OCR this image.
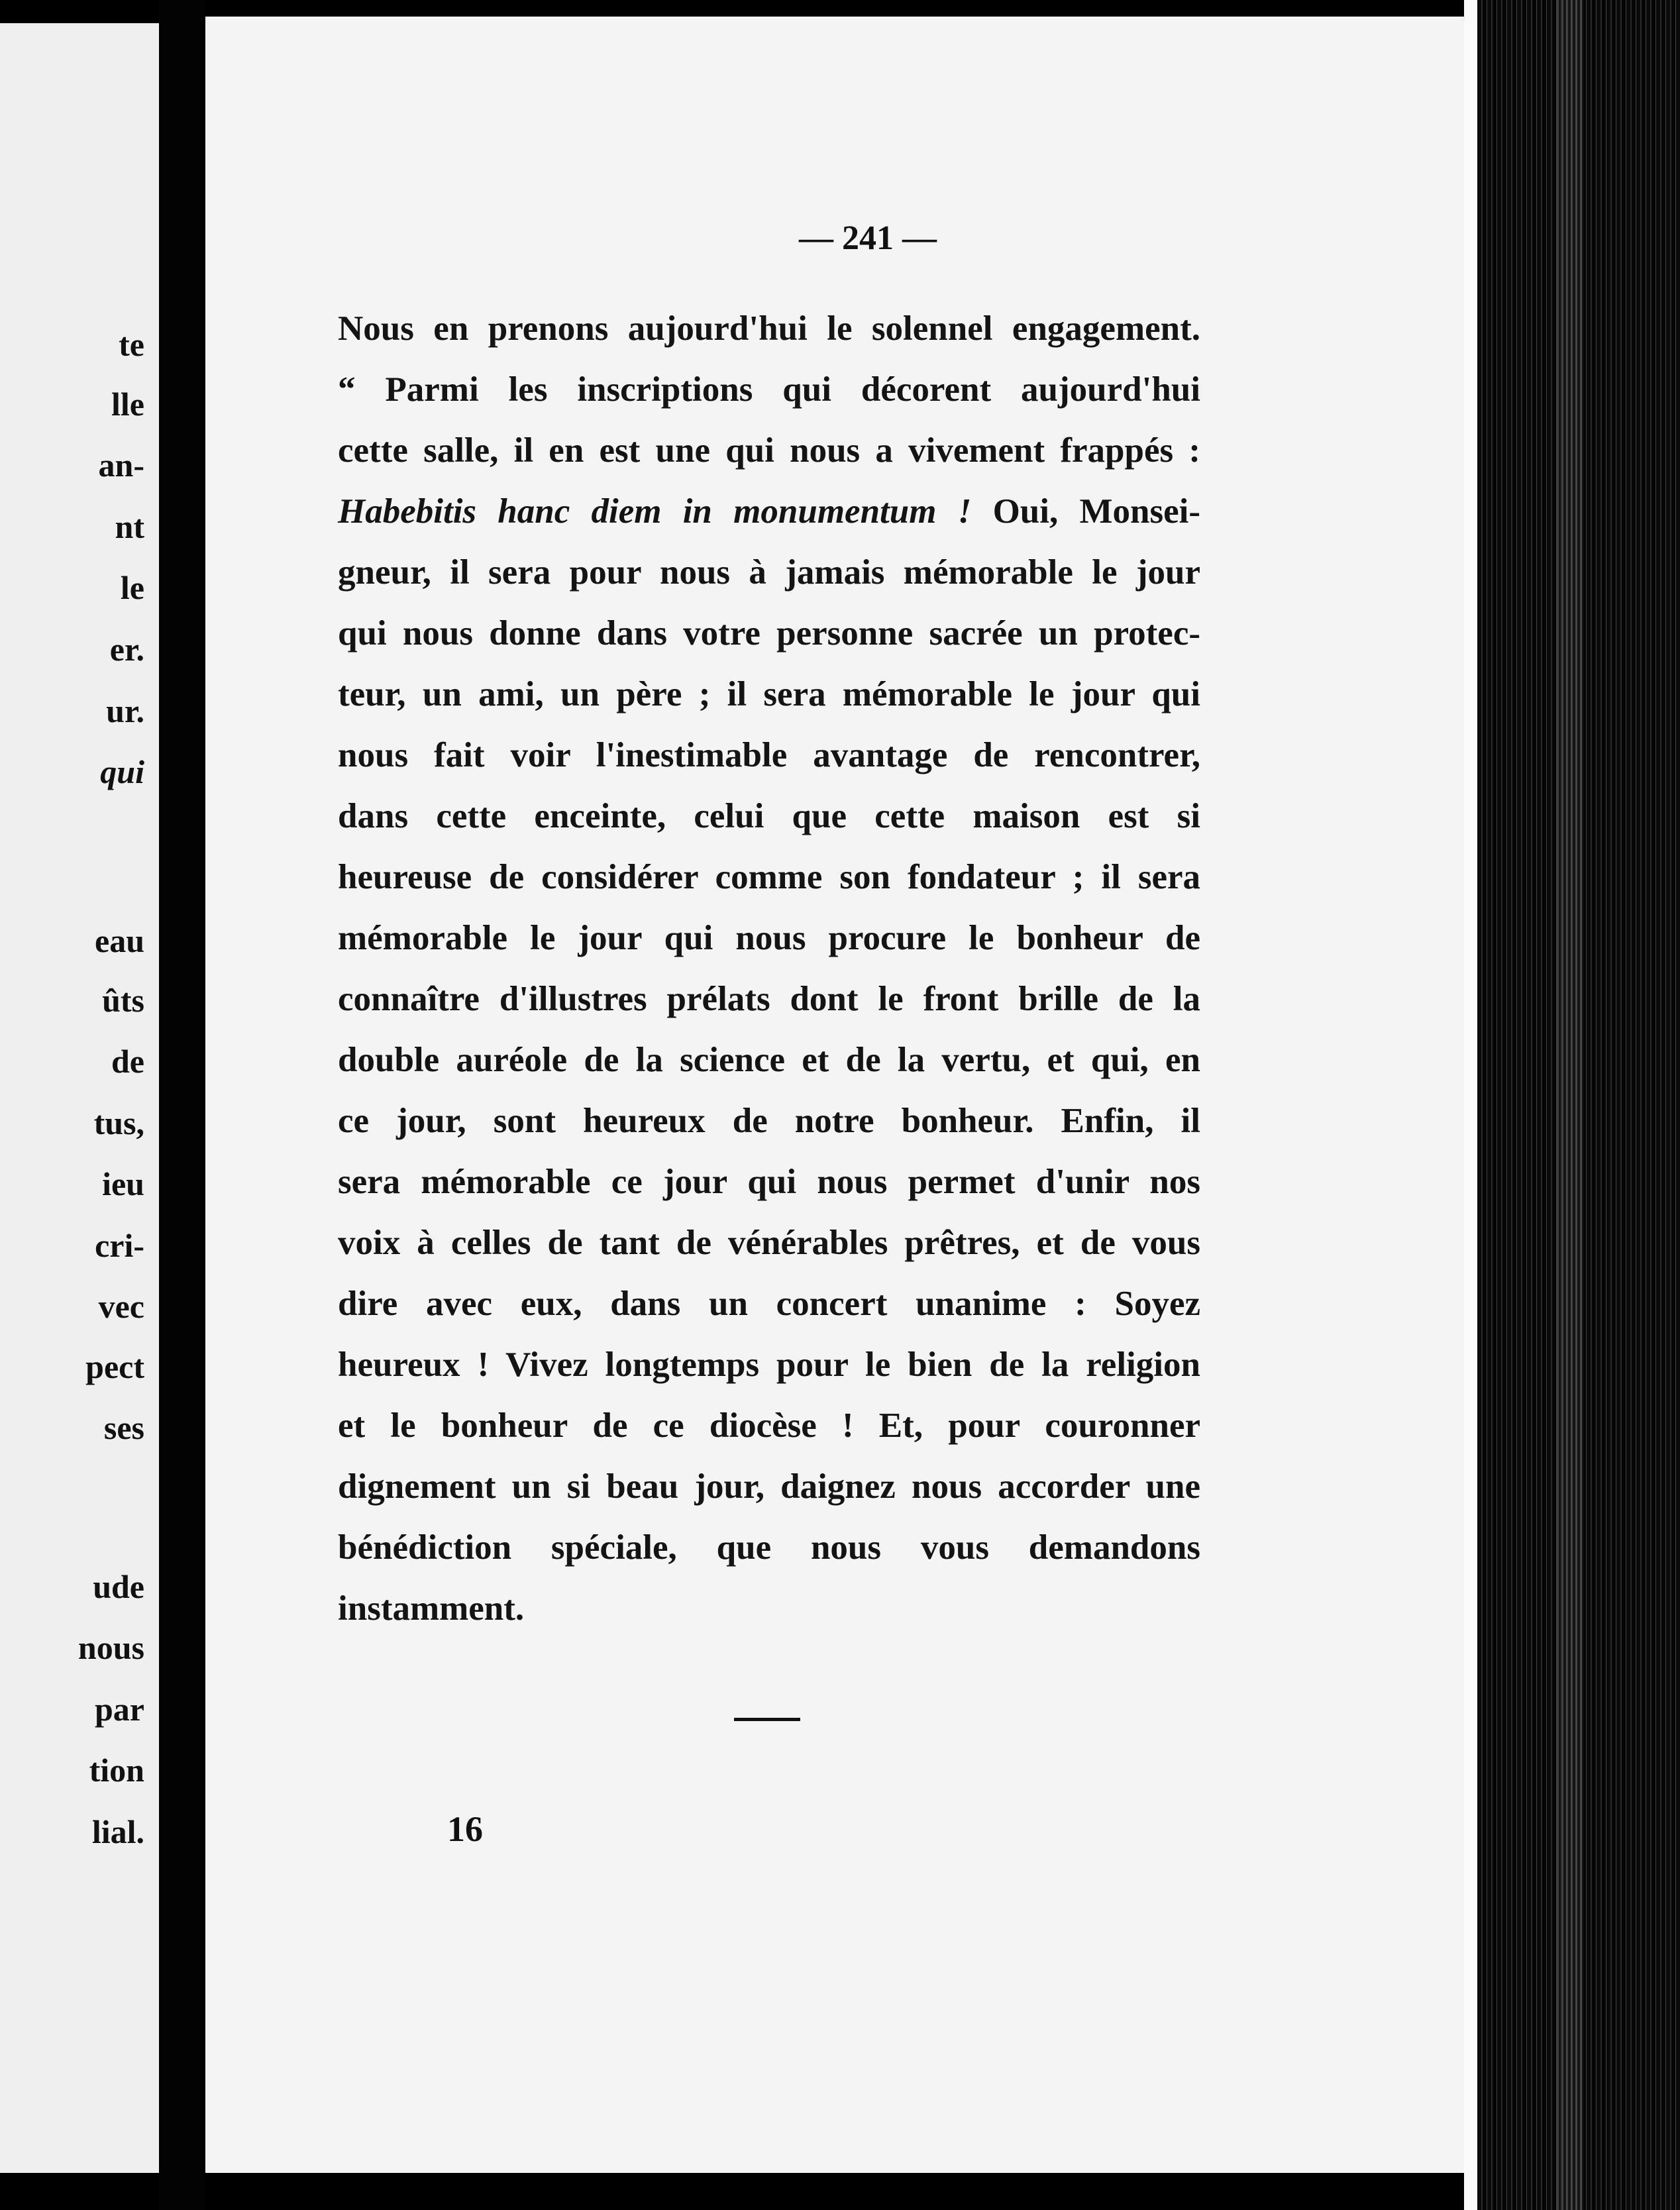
te

lle

an-

nt

le

er.

ur.

qui

eau

ûts

de

tus,

ieu

cri-

vec

pect

ses

ude

nous

par

tion

lial.

— 241 —

Nous en prenons aujourd'hui le solennel engagement.

“ Parmi les inscriptions qui décorent aujourd'hui

cette salle, il en est une qui nous a vivement frappés :

Habebitis hanc diem in monumentum ! Oui, Monsei-

gneur, il sera pour nous à jamais mémorable le jour

qui nous donne dans votre personne sacrée un protec-

teur, un ami, un père ; il sera mémorable le jour qui

nous fait voir l'inestimable avantage de rencontrer,

dans cette enceinte, celui que cette maison est si

heureuse de considérer comme son fondateur ; il sera

mémorable le jour qui nous procure le bonheur de

connaître d'illustres prélats dont le front brille de la

double auréole de la science et de la vertu, et qui, en

ce jour, sont heureux de notre bonheur. Enfin, il

sera mémorable ce jour qui nous permet d'unir nos

voix à celles de tant de vénérables prêtres, et de vous

dire avec eux, dans un concert unanime : Soyez

heureux ! Vivez longtemps pour le bien de la religion

et le bonheur de ce diocèse ! Et, pour couronner

dignement un si beau jour, daignez nous accorder une

bénédiction spéciale, que nous vous demandons

instamment.

16
